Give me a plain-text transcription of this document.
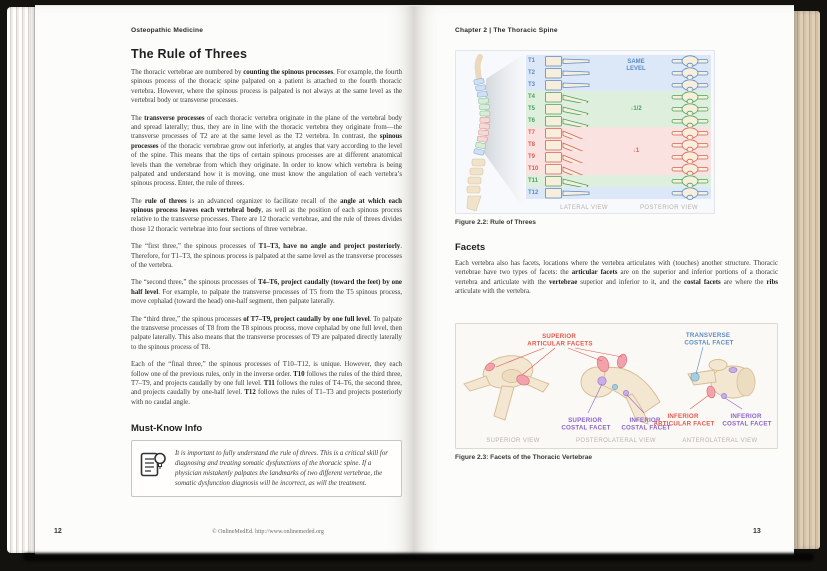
Osteopathic Medicine
The Rule of Threes

The thoracic vertebrae are numbered by counting the spinous processes. For example, the fourth spinous process of the thoracic spine palpated on a patient is attached to the fourth thoracic vertebra. However, where the spinous process is palpated is not always at the same level as the vertebral body or transverse processes.

The transverse processes of each thoracic vertebra originate in the plane of the vertebral body and spread laterally; thus, they are in line with the thoracic vertebra they originate from—the transverse processes of T2 are at the same level as the T2 vertebra. In contrast, the spinous processes of the thoracic vertebrae grow out inferiorly, at angles that vary according to the level of the spine. This means that the tips of certain spinous processes are at different anatomical levels than the vertebrae from which they originate. In order to know which vertebra is being palpated and understand how it is moving, one must know the angulation of each vertebra’s spinous process. Enter, the rule of threes.

The rule of threes is an advanced organizer to facilitate recall of the angle at which each spinous process leaves each vertebral body, as well as the position of each spinous process relative to the transverse processes. There are 12 thoracic vertebrae, and the rule of threes divides those 12 thoracic vertebrae into four sections of three vertebrae.

The “first three,” the spinous processes of T1–T3, have no angle and project posteriorly. Therefore, for T1–T3, the spinous process is palpated at the same level as the transverse processes of the vertebra.

The “second three,” the spinous processes of T4–T6, project caudally (toward the feet) by one half level. For example, to palpate the transverse processes of T5 from the T5 spinous process, move cephalad (toward the head) one-half segment, then palpate laterally.

The “third three,” the spinous processes of T7–T9, project caudally by one full level. To palpate the transverse processes of T8 from the T8 spinous process, move cephalad by one full level, then palpate laterally. This also means that the transverse processes of T9 are palpated directly laterally to the spinous process of T8.

Each of the “final three,” the spinous processes of T10–T12, is unique. However, they each follow one of the previous rules, only in the inverse order. T10 follows the rules of the third three, T7–T9, and projects caudally by one full level. T11 follows the rules of T4–T6, the second three, and projects caudally by one-half level. T12 follows the rules of T1–T3 and projects posteriorly with no caudal angle.

Must-Know Info
It is important to fully understand the rule of threes. This is a critical skill for diagnosing and treating somatic dysfunctions of the thoracic spine. If a physician mistakenly palpates the landmarks of two different vertebrae, the somatic dysfunction diagnosis will be incorrect, as will the treatment.
12	© OnlineMedEd. http://www.onlinemeded.org
Chapter 2 | The Thoracic Spine
T1
T2
T3
T4
T5
T6
T7
T8
T9
T10
T11
T12
SAME
LEVEL
↓1/2
↓1
LATERAL VIEW	POSTERIOR VIEW
Figure 2.2: Rule of Threes
Facets

Each vertebra also has facets, locations where the vertebra articulates with (touches) another structure. Thoracic vertebrae have two types of facets: the articular facets are on the superior and inferior portions of a thoracic vertebra and articulate with the vertebrae superior and inferior to it, and the costal facets are where the ribs articulate with the vertebra.

SUPERIOR ARTICULAR FACETS
SUPERIOR COSTAL FACET
INFERIOR COSTAL FACET
TRANSVERSE COSTAL FACET
INFERIOR ARTICULAR FACET
INFERIOR COSTAL FACET
SUPERIOR VIEW	POSTEROLATERAL VIEW	ANTEROLATERAL VIEW
Figure 2.3: Facets of the Thoracic Vertebrae
13
